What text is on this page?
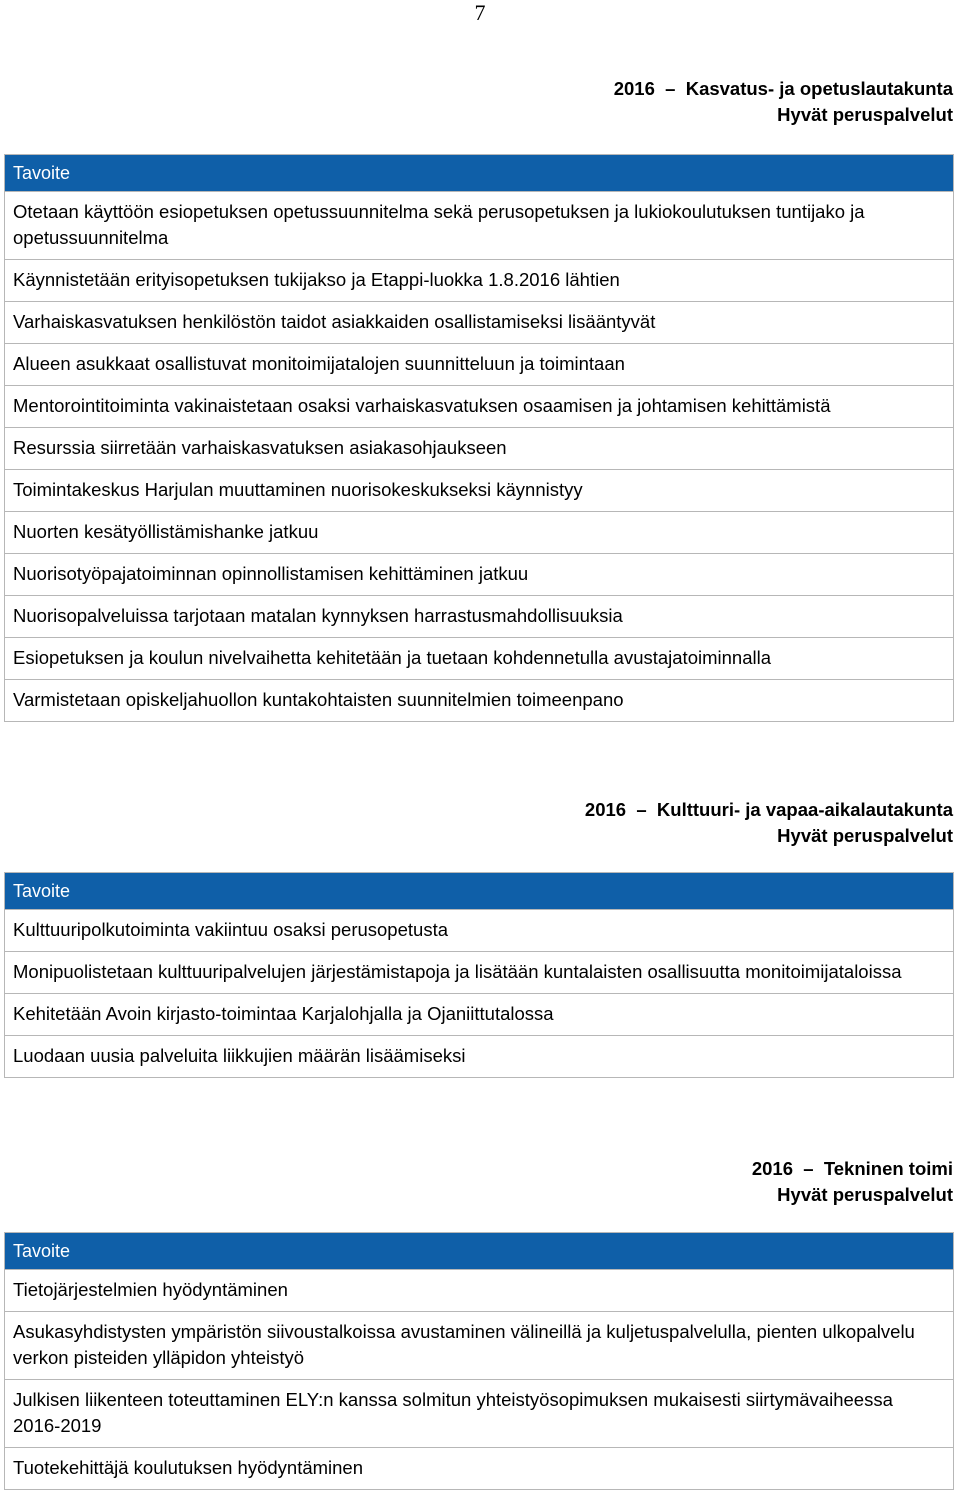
7
2016  –  Kasvatus- ja opetuslautakunta
Hyvät peruspalvelut
Tavoite
Otetaan käyttöön esiopetuksen opetussuunnitelma sekä perusopetuksen ja lukiokoulutuksen tuntijako ja opetussuunnitelma
Käynnistetään erityisopetuksen tukijakso ja Etappi-luokka 1.8.2016 lähtien
Varhaiskasvatuksen henkilöstön taidot asiakkaiden osallistamiseksi lisääntyvät
Alueen asukkaat osallistuvat monitoimijatalojen suunnitteluun ja toimintaan
Mentorointitoiminta vakinaistetaan osaksi varhaiskasvatuksen osaamisen ja johtamisen kehittämistä
Resurssia siirretään varhaiskasvatuksen asiakasohjaukseen
Toimintakeskus Harjulan muuttaminen nuorisokeskukseksi käynnistyy
Nuorten kesätyöllistämishanke jatkuu
Nuorisotyöpajatoiminnan opinnollistamisen kehittäminen jatkuu
Nuorisopalveluissa tarjotaan matalan kynnyksen harrastusmahdollisuuksia
Esiopetuksen ja koulun nivelvaihetta kehitetään ja tuetaan kohdennetulla avustajatoiminnalla
Varmistetaan opiskeljahuollon kuntakohtaisten suunnitelmien toimeenpano
2016  –  Kulttuuri- ja vapaa-aikalautakunta
Hyvät peruspalvelut
Tavoite
Kulttuuripolkutoiminta vakiintuu osaksi perusopetusta
Monipuolistetaan kulttuuripalvelujen järjestämistapoja ja lisätään kuntalaisten osallisuutta monitoimijataloissa
Kehitetään Avoin kirjasto-toimintaa Karjalohjalla ja Ojaniittutalossa
Luodaan uusia palveluita liikkujien määrän lisäämiseksi
2016  –  Tekninen toimi
Hyvät peruspalvelut
Tavoite
Tietojärjestelmien hyödyntäminen
Asukasyhdistysten ympäristön siivoustalkoissa avustaminen välineillä ja kuljetuspalvelulla, pienten ulkopalvelu verkon pisteiden ylläpidon yhteistyö
Julkisen liikenteen toteuttaminen ELY:n kanssa solmitun yhteistyösopimuksen mukaisesti siirtymävaiheessa 2016-2019
Tuotekehittäjä koulutuksen hyödyntäminen
